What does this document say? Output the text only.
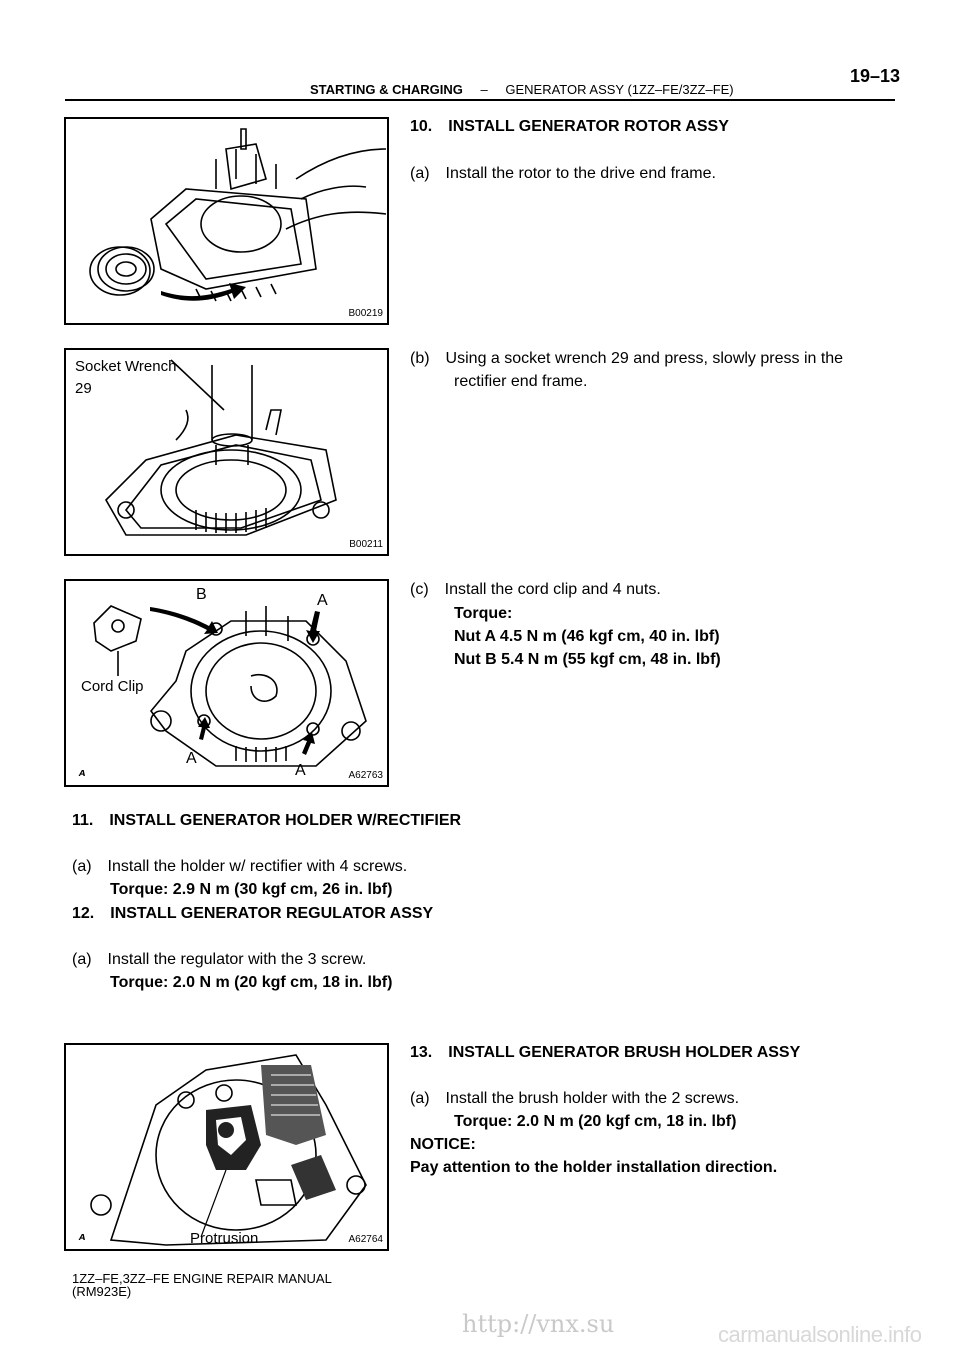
19–13
STARTING & CHARGING – GENERATOR ASSY (1ZZ–FE/3ZZ–FE)
B00219
Socket Wrench
29
B00211
B	A
A
A
Cord Clip
ᴀ	A62763
Protrusion
ᴀ	A62764
10. INSTALL GENERATOR ROTOR ASSY
(a) Install the rotor to the drive end frame.
(b) Using a socket wrench 29 and press, slowly press in the
rectifier end frame.
(c) Install the cord clip and 4 nuts.
Torque:
Nut A 4.5 N m (46 kgf cm, 40 in. lbf)
Nut B 5.4 N m (55 kgf cm, 48 in. lbf)
11. INSTALL GENERATOR HOLDER W/RECTIFIER
(a) Install the holder w/ rectifier with 4 screws.
Torque: 2.9 N m (30 kgf cm, 26 in. lbf)
12. INSTALL GENERATOR REGULATOR ASSY
(a) Install the regulator with the 3 screw.
Torque: 2.0 N m (20 kgf cm, 18 in. lbf)
13. INSTALL GENERATOR BRUSH HOLDER ASSY
(a) Install the brush holder with the 2 screws.
Torque: 2.0 N m (20 kgf cm, 18 in. lbf)
NOTICE:
Pay attention to the holder installation direction.
1ZZ–FE,3ZZ–FE ENGINE REPAIR MANUAL
(RM923E)
http://vnx.su	carmanualsonline.info
